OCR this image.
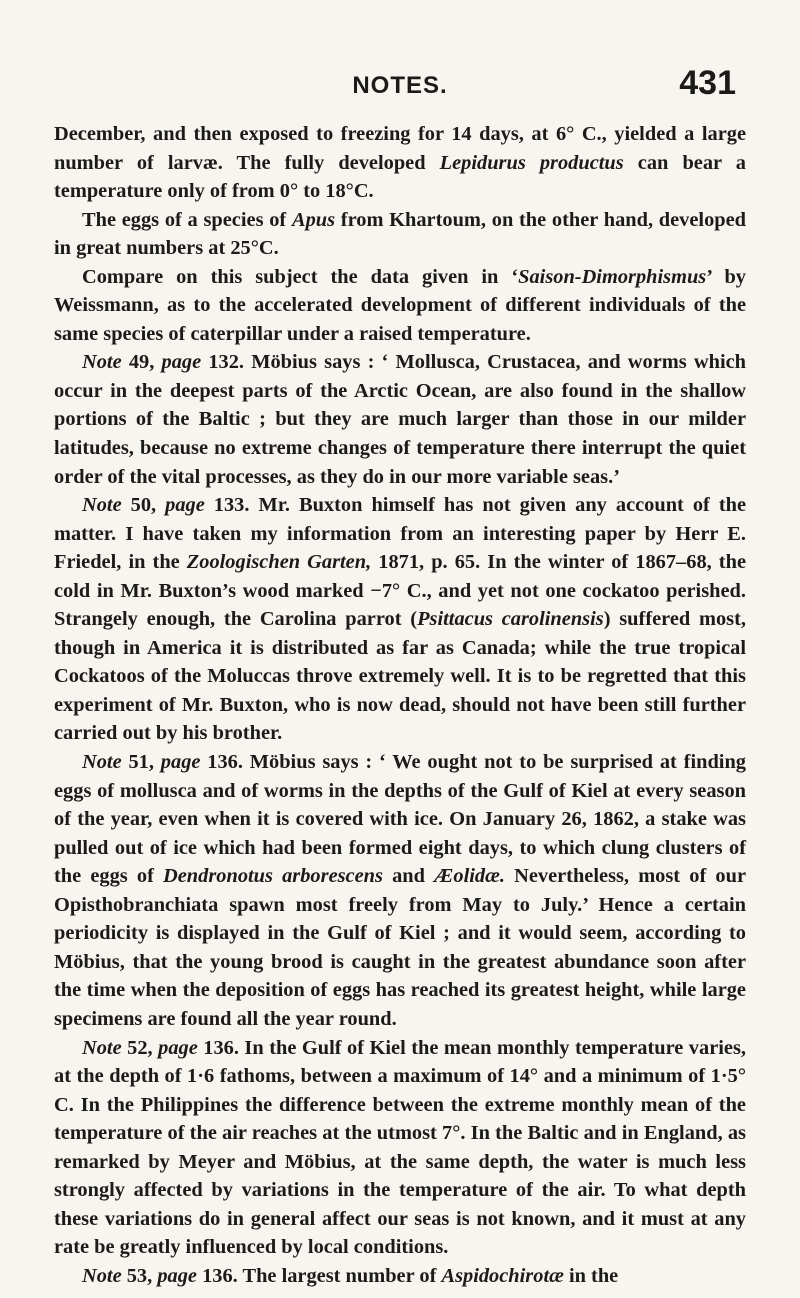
NOTES.	431

December, and then exposed to freezing for 14 days, at 6° C., yielded a large number of larvæ. The fully developed Lepidurus productus can bear a temperature only of from 0° to 18°C.

The eggs of a species of Apus from Khartoum, on the other hand, developed in great numbers at 25°C.

Compare on this subject the data given in ‘Saison-Dimorphismus’ by Weissmann, as to the accelerated development of different individuals of the same species of caterpillar under a raised temperature.

Note 49, page 132. Möbius says : ‘ Mollusca, Crustacea, and worms which occur in the deepest parts of the Arctic Ocean, are also found in the shallow portions of the Baltic ; but they are much larger than those in our milder latitudes, because no extreme changes of temperature there interrupt the quiet order of the vital processes, as they do in our more variable seas.’

Note 50, page 133. Mr. Buxton himself has not given any account of the matter. I have taken my information from an interesting paper by Herr E. Friedel, in the Zoologischen Garten, 1871, p. 65. In the winter of 1867–68, the cold in Mr. Buxton’s wood marked −7° C., and yet not one cockatoo perished. Strangely enough, the Carolina parrot (Psittacus carolinensis) suffered most, though in America it is distributed as far as Canada; while the true tropical Cockatoos of the Moluccas throve extremely well. It is to be regretted that this experiment of Mr. Buxton, who is now dead, should not have been still further carried out by his brother.

Note 51, page 136. Möbius says : ‘ We ought not to be surprised at finding eggs of mollusca and of worms in the depths of the Gulf of Kiel at every season of the year, even when it is covered with ice. On January 26, 1862, a stake was pulled out of ice which had been formed eight days, to which clung clusters of the eggs of Dendronotus arborescens and Æolidæ. Nevertheless, most of our Opisthobranchiata spawn most freely from May to July.’ Hence a certain periodicity is displayed in the Gulf of Kiel ; and it would seem, according to Möbius, that the young brood is caught in the greatest abundance soon after the time when the deposition of eggs has reached its greatest height, while large specimens are found all the year round.

Note 52, page 136. In the Gulf of Kiel the mean monthly temperature varies, at the depth of 1·6 fathoms, between a maximum of 14° and a minimum of 1·5° C. In the Philippines the difference between the extreme monthly mean of the temperature of the air reaches at the utmost 7°. In the Baltic and in England, as remarked by Meyer and Möbius, at the same depth, the water is much less strongly affected by variations in the temperature of the air. To what depth these variations do in general affect our seas is not known, and it must at any rate be greatly influenced by local conditions.

Note 53, page 136. The largest number of Aspidochirotæ in the
